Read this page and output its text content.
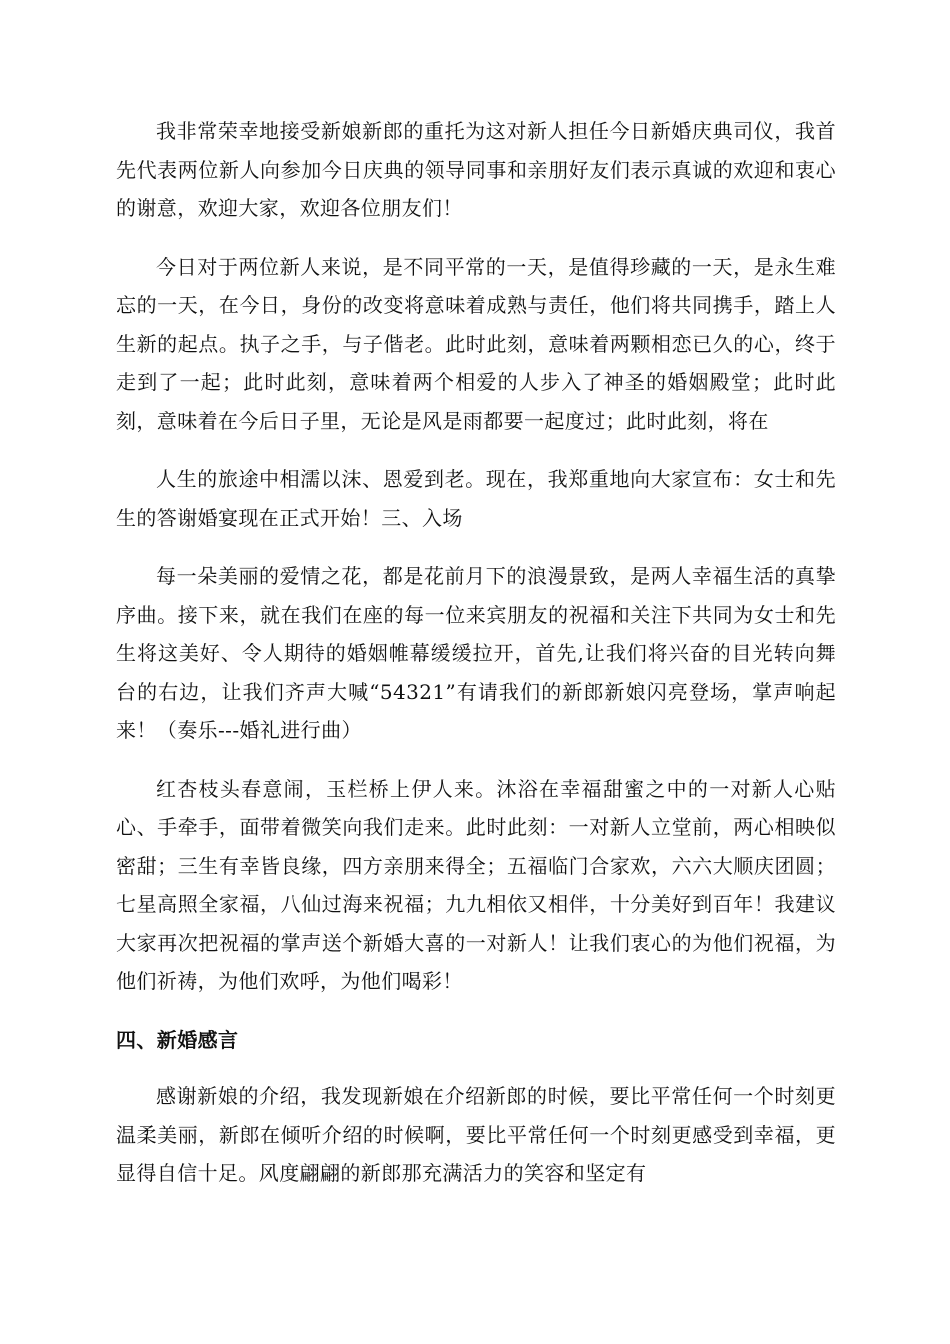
我非常荣幸地接受新娘新郎的重托为这对新人担任今日新婚庆典司仪，我首先代表两位新人向参加今日庆典的领导同事和亲朋好友们表示真诚的欢迎和衷心的谢意，欢迎大家，欢迎各位朋友们！

今日对于两位新人来说，是不同平常的一天，是值得珍藏的一天，是永生难忘的一天，在今日，身份的改变将意味着成熟与责任，他们将共同携手，踏上人生新的起点。执子之手，与子偕老。此时此刻，意味着两颗相恋已久的心，终于走到了一起；此时此刻，意味着两个相爱的人步入了神圣的婚姻殿堂；此时此刻，意味着在今后日子里，无论是风是雨都要一起度过；此时此刻，将在

人生的旅途中相濡以沫、恩爱到老。现在，我郑重地向大家宣布：女士和先生的答谢婚宴现在正式开始！三、入场

每一朵美丽的爱情之花，都是花前月下的浪漫景致，是两人幸福生活的真挚序曲。接下来，就在我们在座的每一位来宾朋友的祝福和关注下共同为女士和先生将这美好、令人期待的婚姻帷幕缓缓拉开，首先,让我们将兴奋的目光转向舞台的右边，让我们齐声大喊“54321”有请我们的新郎新娘闪亮登场，掌声响起来！（奏乐---婚礼进行曲）

红杏枝头春意闹，玉栏桥上伊人来。沐浴在幸福甜蜜之中的一对新人心贴心、手牵手，面带着微笑向我们走来。此时此刻：一对新人立堂前，两心相映似密甜；三生有幸皆良缘，四方亲朋来得全；五福临门合家欢，六六大顺庆团圆；七星高照全家福，八仙过海来祝福；九九相依又相伴，十分美好到百年！我建议大家再次把祝福的掌声送个新婚大喜的一对新人！让我们衷心的为他们祝福，为他们祈祷，为他们欢呼，为他们喝彩！

四、新婚感言

感谢新娘的介绍，我发现新娘在介绍新郎的时候，要比平常任何一个时刻更温柔美丽，新郎在倾听介绍的时候啊，要比平常任何一个时刻更感受到幸福，更显得自信十足。风度翩翩的新郎那充满活力的笑容和坚定有
